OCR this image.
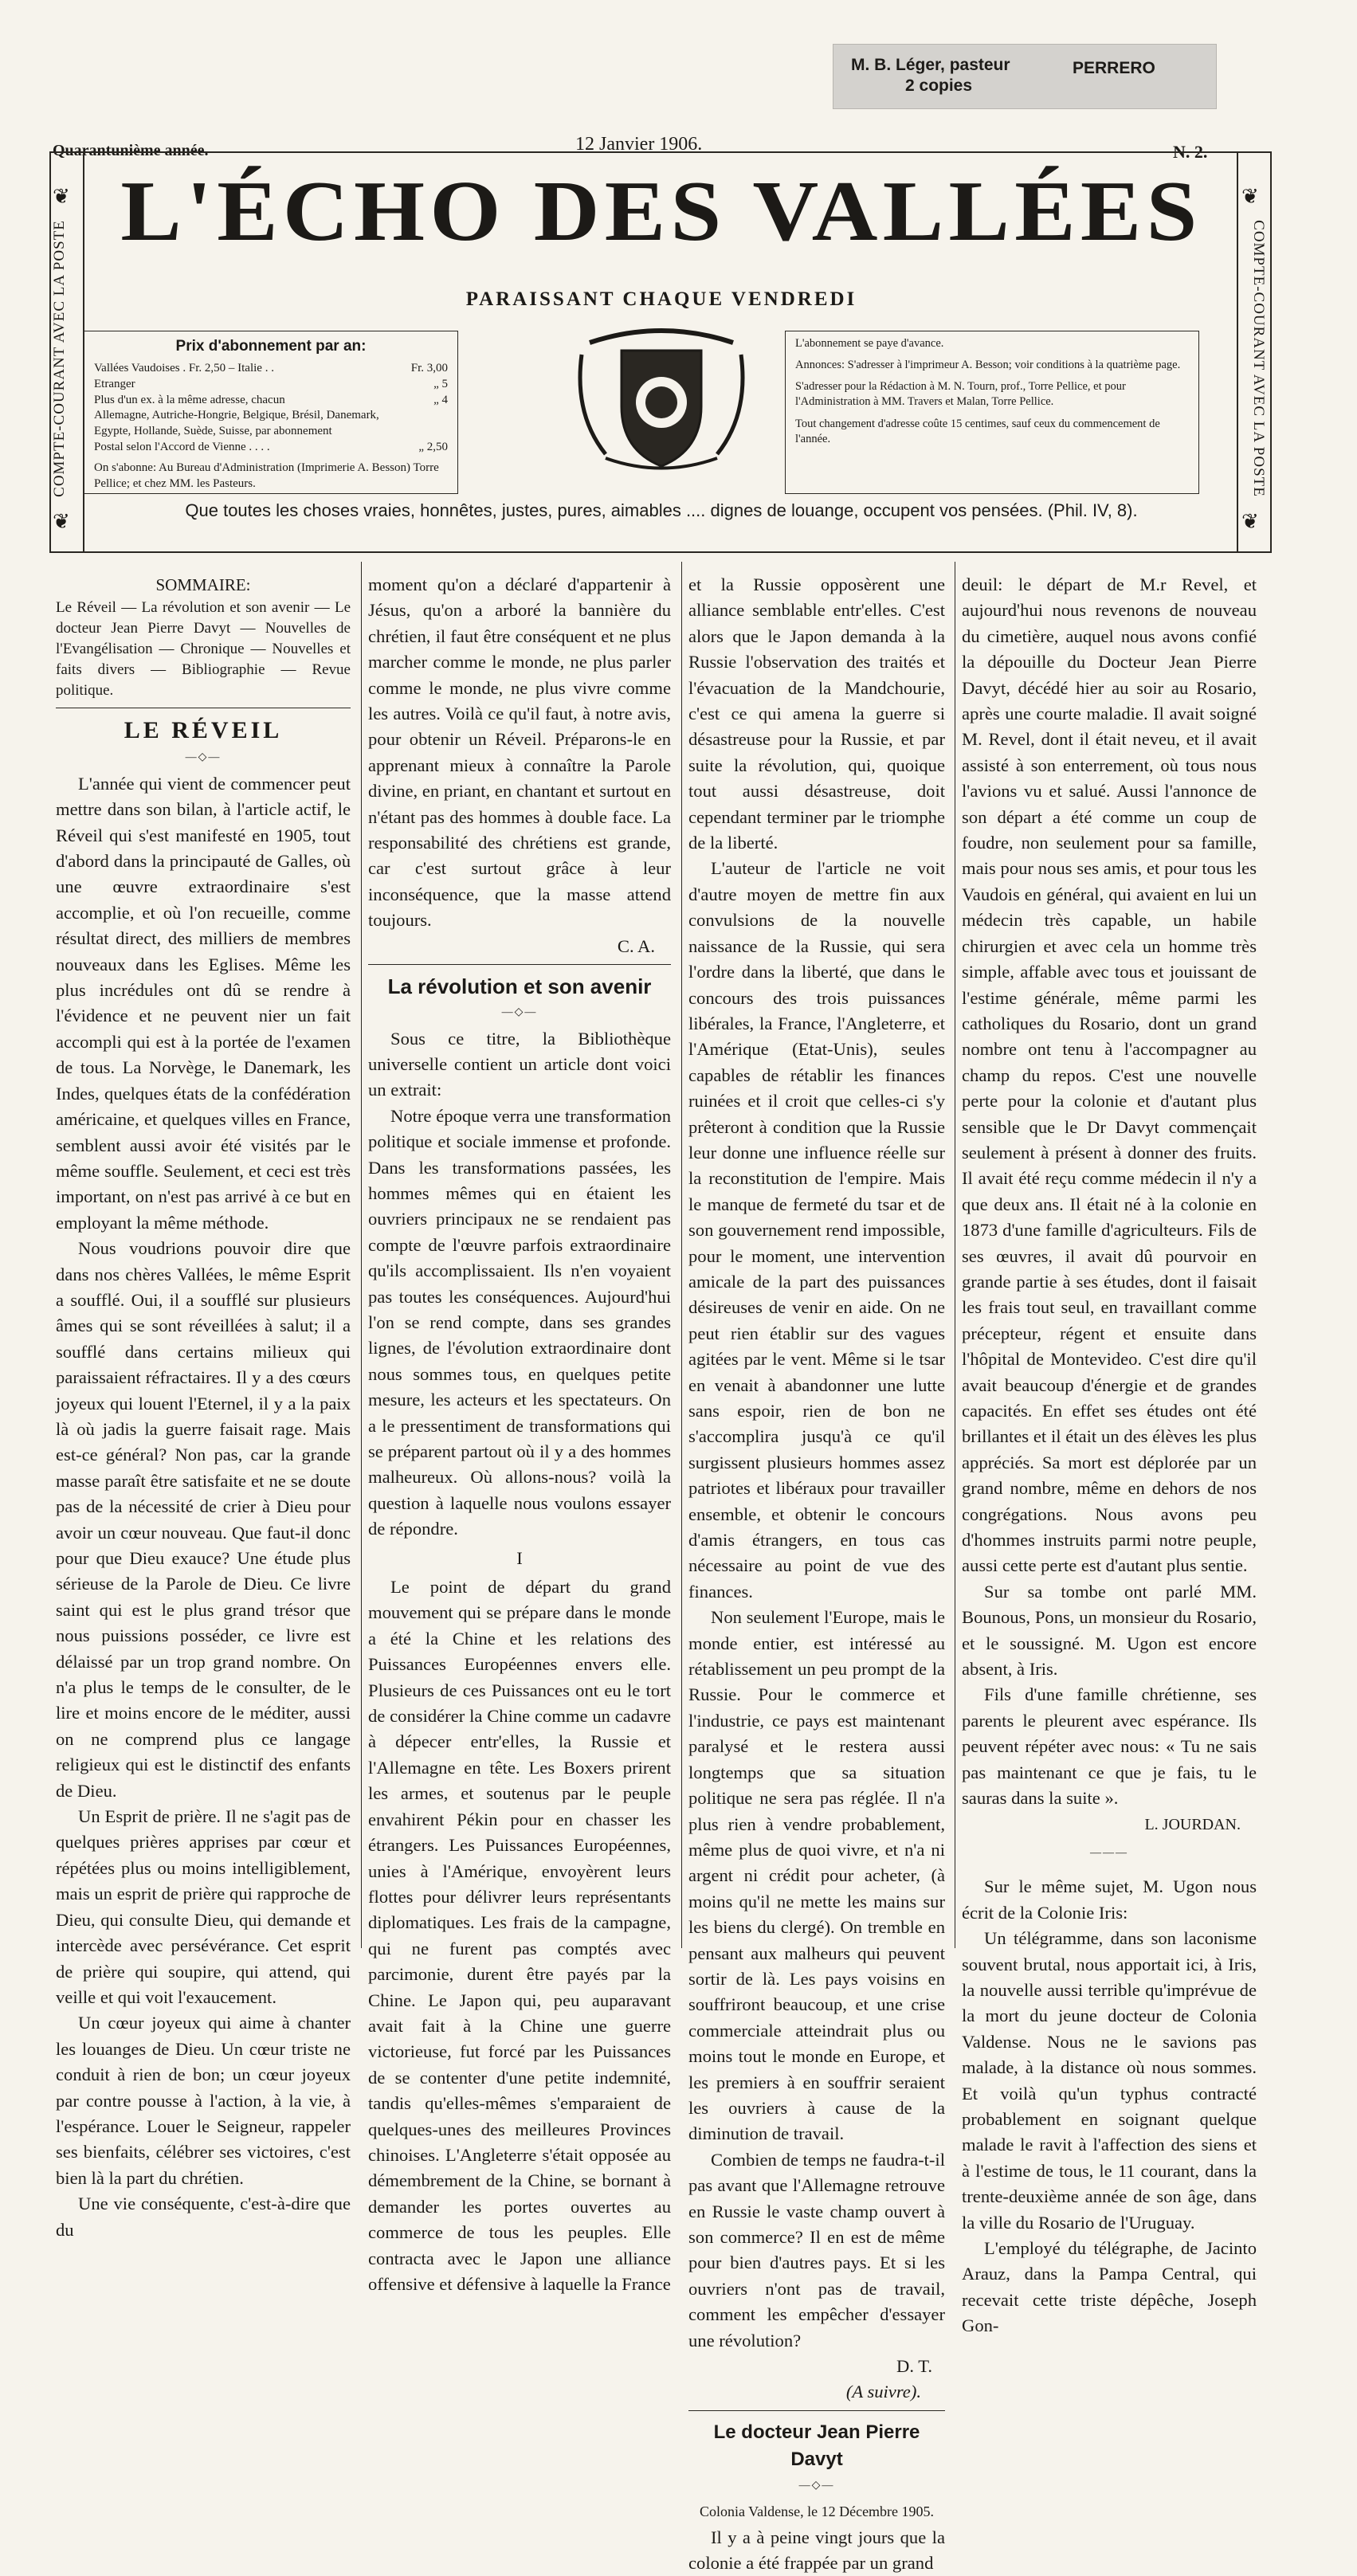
M. B. Léger, pasteur
2 copies
PERRERO
Quarantunième année.	12 Janvier 1906.	N. 2.
COMPTE-COURANT AVEC LA POSTE	COMPTE-COURANT AVEC LA POSTE
❦	❦
❦	❦
L'ÉCHO DES VALLÉES
PARAISSANT CHAQUE VENDREDI
Prix d'abonnement par an:
Vallées Vaudoises . Fr. 2,50 – Italie . .	Fr. 3,00
Etranger	„ 5
Plus d'un ex. à la même adresse, chacun	„ 4
Allemagne, Autriche-Hongrie, Belgique, Brésil, Danemark,
Egypte, Hollande, Suède, Suisse, par abonnement
Postal selon l'Accord de Vienne . . . .	„ 2,50
On s'abonne: Au Bureau d'Administration (Imprimerie A. Besson) Torre Pellice; et chez MM. les Pasteurs.
L'abonnement se paye d'avance.
Annonces: S'adresser à l'imprimeur A. Besson; voir conditions à la quatrième page.
S'adresser pour la Rédaction à M. N. Tourn, prof., Torre Pellice, et pour l'Administration à MM. Travers et Malan, Torre Pellice.
Tout changement d'adresse coûte 15 centimes, sauf ceux du commencement de l'année.
Que toutes les choses vraies, honnêtes, justes, pures, aimables .... dignes de louange, occupent vos pensées. (Phil. IV, 8).
SOMMAIRE:

Le Réveil — La révolution et son avenir — Le docteur Jean Pierre Davyt — Nouvelles de l'Evangélisation — Chronique — Nouvelles et faits divers — Bibliographie — Revue politique.

LE RÉVEIL
—◇—

L'année qui vient de commencer peut mettre dans son bilan, à l'article actif, le Réveil qui s'est manifesté en 1905, tout d'abord dans la principauté de Galles, où une œuvre extraordinaire s'est accomplie, et où l'on recueille, comme résultat direct, des milliers de membres nouveaux dans les Eglises. Même les plus incrédules ont dû se rendre à l'évidence et ne peuvent nier un fait accompli qui est à la portée de l'examen de tous. La Norvège, le Danemark, les Indes, quelques états de la confédération américaine, et quelques villes en France, semblent aussi avoir été visités par le même souffle. Seulement, et ceci est très important, on n'est pas arrivé à ce but en employant la même méthode.

Nous voudrions pouvoir dire que dans nos chères Vallées, le même Esprit a soufflé. Oui, il a soufflé sur plusieurs âmes qui se sont réveillées à salut; il a soufflé dans certains milieux qui paraissaient réfractaires. Il y a des cœurs joyeux qui louent l'Eternel, il y a la paix là où jadis la guerre faisait rage. Mais est-ce général? Non pas, car la grande masse paraît être satisfaite et ne se doute pas de la nécessité de crier à Dieu pour avoir un cœur nouveau. Que faut-il donc pour que Dieu exauce? Une étude plus sérieuse de la Parole de Dieu. Ce livre saint qui est le plus grand trésor que nous puissions posséder, ce livre est délaissé par un trop grand nombre. On n'a plus le temps de le consulter, de le lire et moins encore de le méditer, aussi on ne comprend plus ce langage religieux qui est le distinctif des enfants de Dieu.

Un Esprit de prière. Il ne s'agit pas de quelques prières apprises par cœur et répétées plus ou moins intelligiblement, mais un esprit de prière qui rapproche de Dieu, qui consulte Dieu, qui demande et intercède avec persévérance. Cet esprit de prière qui soupire, qui attend, qui veille et qui voit l'exaucement.

Un cœur joyeux qui aime à chanter les louanges de Dieu. Un cœur triste ne conduit à rien de bon; un cœur joyeux par contre pousse à l'action, à la vie, à l'espérance. Louer le Seigneur, rappeler ses bienfaits, célébrer ses victoires, c'est bien là la part du chrétien.

Une vie conséquente, c'est-à-dire que du

moment qu'on a déclaré d'appartenir à Jésus, qu'on a arboré la bannière du chrétien, il faut être conséquent et ne plus marcher comme le monde, ne plus parler comme le monde, ne plus vivre comme les autres. Voilà ce qu'il faut, à notre avis, pour obtenir un Réveil. Préparons-le en apprenant mieux à connaître la Parole divine, en priant, en chantant et surtout en n'étant pas des hommes à double face. La responsabilité des chrétiens est grande, car c'est surtout grâce à leur inconséquence, que la masse attend toujours.

C. A.
La révolution et son avenir
—◇—

Sous ce titre, la Bibliothèque universelle contient un article dont voici un extrait:

Notre époque verra une transformation politique et sociale immense et profonde. Dans les transformations passées, les hommes mêmes qui en étaient les ouvriers principaux ne se rendaient pas compte de l'œuvre parfois extraordinaire qu'ils accomplissaient. Ils n'en voyaient pas toutes les conséquences. Aujourd'hui l'on se rend compte, dans ses grandes lignes, de l'évolution extraordinaire dont nous sommes tous, en quelques petite mesure, les acteurs et les spectateurs. On a le pressentiment de transformations qui se préparent partout où il y a des hommes malheureux. Où allons-nous? voilà la question à laquelle nous voulons essayer de répondre.

I

Le point de départ du grand mouvement qui se prépare dans le monde a été la Chine et les relations des Puissances Européennes envers elle. Plusieurs de ces Puissances ont eu le tort de considérer la Chine comme un cadavre à dépecer entr'elles, la Russie et l'Allemagne en tête. Les Boxers prirent les armes, et soutenus par le peuple envahirent Pékin pour en chasser les étrangers. Les Puissances Européennes, unies à l'Amérique, envoyèrent leurs flottes pour délivrer leurs représentants diplomatiques. Les frais de la campagne, qui ne furent pas comptés avec parcimonie, durent être payés par la Chine. Le Japon qui, peu auparavant avait fait à la Chine une guerre victorieuse, fut forcé par les Puissances de se contenter d'une petite indemnité, tandis qu'elles-mêmes s'emparaient de quelques-unes des meilleures Provinces chinoises. L'Angleterre s'était opposée au démembrement de la Chine, se bornant à demander les portes ouvertes au commerce de tous les peuples. Elle contracta avec le Japon une alliance offensive et défensive à laquelle la France

et la Russie opposèrent une alliance semblable entr'elles. C'est alors que le Japon demanda à la Russie l'observation des traités et l'évacuation de la Mandchourie, c'est ce qui amena la guerre si désastreuse pour la Russie, et par suite la révolution, qui, quoique tout aussi désastreuse, doit cependant terminer par le triomphe de la liberté.

L'auteur de l'article ne voit d'autre moyen de mettre fin aux convulsions de la nouvelle naissance de la Russie, qui sera l'ordre dans la liberté, que dans le concours des trois puissances libérales, la France, l'Angleterre, et l'Amérique (Etat-Unis), seules capables de rétablir les finances ruinées et il croit que celles-ci s'y prêteront à condition que la Russie leur donne une influence réelle sur la reconstitution de l'empire. Mais le manque de fermeté du tsar et de son gouvernement rend impossible, pour le moment, une intervention amicale de la part des puissances désireuses de venir en aide. On ne peut rien établir sur des vagues agitées par le vent. Même si le tsar en venait à abandonner une lutte sans espoir, rien de bon ne s'accomplira jusqu'à ce qu'il surgissent plusieurs hommes assez patriotes et libéraux pour travailler ensemble, et obtenir le concours d'amis étrangers, en tous cas nécessaire au point de vue des finances.

Non seulement l'Europe, mais le monde entier, est intéressé au rétablissement un peu prompt de la Russie. Pour le commerce et l'industrie, ce pays est maintenant paralysé et le restera aussi longtemps que sa situation politique ne sera pas réglée. Il n'a plus rien à vendre probablement, même plus de quoi vivre, et n'a ni argent ni crédit pour acheter, (à moins qu'il ne mette les mains sur les biens du clergé). On tremble en pensant aux malheurs qui peuvent sortir de là. Les pays voisins en souffriront beaucoup, et une crise commerciale atteindrait plus ou moins tout le monde en Europe, et les premiers à en souffrir seraient les ouvriers à cause de la diminution de travail.

Combien de temps ne faudra-t-il pas avant que l'Allemagne retrouve en Russie le vaste champ ouvert à son commerce? Il en est de même pour bien d'autres pays. Et si les ouvriers n'ont pas de travail, comment les empêcher d'essayer une révolution?

D. T.
(A suivre).
Le docteur Jean Pierre Davyt
—◇—
Colonia Valdense, le 12 Décembre 1905.

Il y a à peine vingt jours que la colonie a été frappée par un grand

deuil: le départ de M.r Revel, et aujourd'hui nous revenons de nouveau du cimetière, auquel nous avons confié la dépouille du Docteur Jean Pierre Davyt, décédé hier au soir au Rosario, après une courte maladie. Il avait soigné M. Revel, dont il était neveu, et il avait assisté à son enterrement, où tous nous l'avions vu et salué. Aussi l'annonce de son départ a été comme un coup de foudre, non seulement pour sa famille, mais pour nous ses amis, et pour tous les Vaudois en général, qui avaient en lui un médecin très capable, un habile chirurgien et avec cela un homme très simple, affable avec tous et jouissant de l'estime générale, même parmi les catholiques du Rosario, dont un grand nombre ont tenu à l'accompagner au champ du repos. C'est une nouvelle perte pour la colonie et d'autant plus sensible que le Dr Davyt commençait seulement à présent à donner des fruits. Il avait été reçu comme médecin il n'y a que deux ans. Il était né à la colonie en 1873 d'une famille d'agriculteurs. Fils de ses œuvres, il avait dû pourvoir en grande partie à ses études, dont il faisait les frais tout seul, en travaillant comme précepteur, régent et ensuite dans l'hôpital de Montevideo. C'est dire qu'il avait beaucoup d'énergie et de grandes capacités. En effet ses études ont été brillantes et il était un des élèves les plus appréciés. Sa mort est déplorée par un grand nombre, même en dehors de nos congrégations. Nous avons peu d'hommes instruits parmi notre peuple, aussi cette perte est d'autant plus sentie.

Sur sa tombe ont parlé MM. Bounous, Pons, un monsieur du Rosario, et le soussigné. M. Ugon est encore absent, à Iris.

Fils d'une famille chrétienne, ses parents le pleurent avec espérance. Ils peuvent répéter avec nous: « Tu ne sais pas maintenant ce que je fais, tu le sauras dans la suite ».

L. JOURDAN.
———

Sur le même sujet, M. Ugon nous écrit de la Colonie Iris:

Un télégramme, dans son laconisme souvent brutal, nous apportait ici, à Iris, la nouvelle aussi terrible qu'imprévue de la mort du jeune docteur de Colonia Valdense. Nous ne le savions pas malade, à la distance où nous sommes. Et voilà qu'un typhus contracté probablement en soignant quelque malade le ravit à l'affection des siens et à l'estime de tous, le 11 courant, dans la trente-deuxième année de son âge, dans la ville du Rosario de l'Uruguay.

L'employé du télégraphe, de Jacinto Arauz, dans la Pampa Central, qui recevait cette triste dépêche, Joseph Gon-
